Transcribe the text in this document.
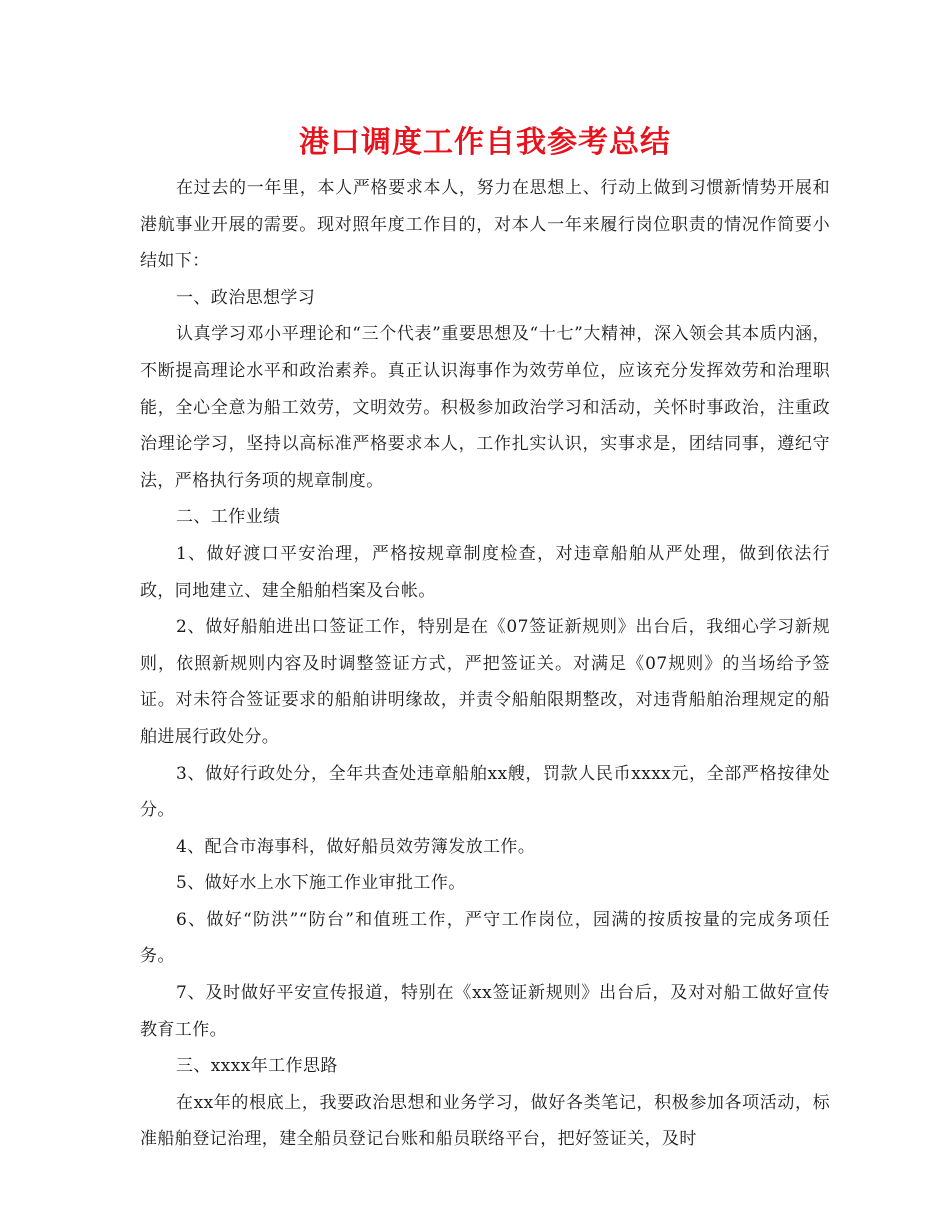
港口调度工作自我参考总结

在过去的一年里，本人严格要求本人，努力在思想上、行动上做到习惯新情势开展和港航事业开展的需要。现对照年度工作目的，对本人一年来履行岗位职责的情况作简要小结如下：

一、政治思想学习

认真学习邓小平理论和“三个代表”重要思想及“十七”大精神，深入领会其本质内涵，不断提高理论水平和政治素养。真正认识海事作为效劳单位，应该充分发挥效劳和治理职能，全心全意为船工效劳，文明效劳。积极参加政治学习和活动，关怀时事政治，注重政治理论学习，坚持以高标准严格要求本人，工作扎实认识，实事求是，团结同事，遵纪守法，严格执行务项的规章制度。

二、工作业绩

1、做好渡口平安治理，严格按规章制度检查，对违章船舶从严处理，做到依法行政，同地建立、建全船舶档案及台帐。

2、做好船舶进出口签证工作，特别是在《07签证新规则》出台后，我细心学习新规则，依照新规则内容及时调整签证方式，严把签证关。对满足《07规则》的当场给予签证。对未符合签证要求的船舶讲明缘故，并责令船舶限期整改，对违背船舶治理规定的船舶进展行政处分。

3、做好行政处分，全年共查处违章船舶xx艘，罚款人民币xxxx元，全部严格按律处分。

4、配合市海事科，做好船员效劳簿发放工作。

5、做好水上水下施工作业审批工作。

6、做好“防洪”“防台”和值班工作，严守工作岗位，园满的按质按量的完成务项任务。

7、及时做好平安宣传报道，特别在《xx签证新规则》出台后，及对对船工做好宣传教育工作。

三、xxxx年工作思路

在xx年的根底上，我要政治思想和业务学习，做好各类笔记，积极参加各项活动，标准船舶登记治理，建全船员登记台账和船员联络平台，把好签证关，及时
